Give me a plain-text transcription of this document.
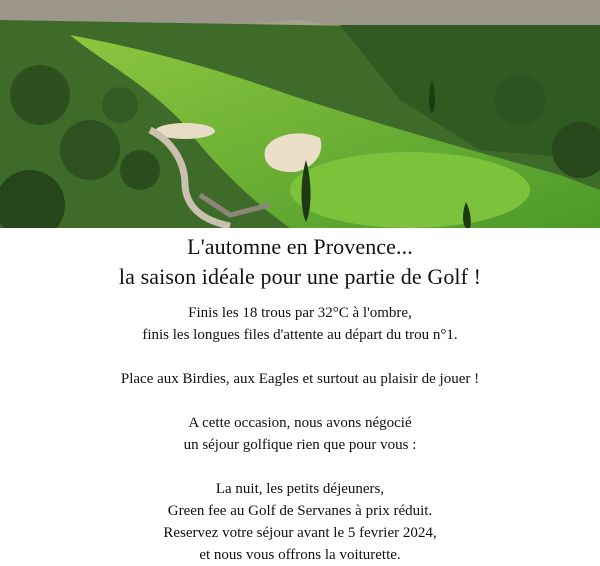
L'automne en Provence...
la saison idéale pour une partie de Golf !

Finis les 18 trous par 32°C à l'ombre,
finis les longues files d'attente au départ du trou n°1.

Place aux Birdies, aux Eagles et surtout au plaisir de jouer !

A cette occasion, nous avons négocié
un séjour golfique rien que pour vous :

La nuit, les petits déjeuners,
Green fee au Golf de Servanes à prix réduit.
Reservez votre séjour avant le 5 fevrier 2024,
et nous vous offrons la voiturette.
